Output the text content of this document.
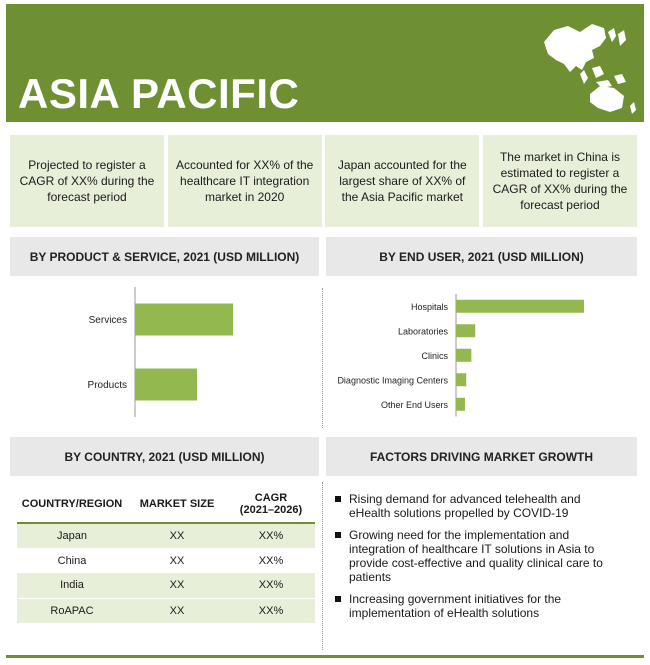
ASIA PACIFIC
Projected to register a CAGR of XX% during the forecast period
Accounted for XX% of the healthcare IT integration market in 2020
Japan accounted for the largest share of XX% of the Asia Pacific market
The market in China is estimated to register a CAGR of XX% during the forecast period
BY PRODUCT & SERVICE, 2021 (USD MILLION)	BY END USER, 2021 (USD MILLION)
BY COUNTRY, 2021 (USD MILLION)	FACTORS DRIVING MARKET GROWTH
Services
Products
Hospitals
Laboratories
Clinics
Diagnostic Imaging Centers
Other End Users
COUNTRY/REGION	MARKET SIZE	CAGR
(2021–2026)
Japan	XX	XX%
China	XX	XX%
India	XX	XX%
RoAPAC	XX	XX%
Rising demand for advanced telehealth and eHealth solutions propelled by COVID-19
Growing need for the implementation and integration of healthcare IT solutions in Asia to provide cost-effective and quality clinical care to patients
Increasing government initiatives for the implementation of eHealth solutions
